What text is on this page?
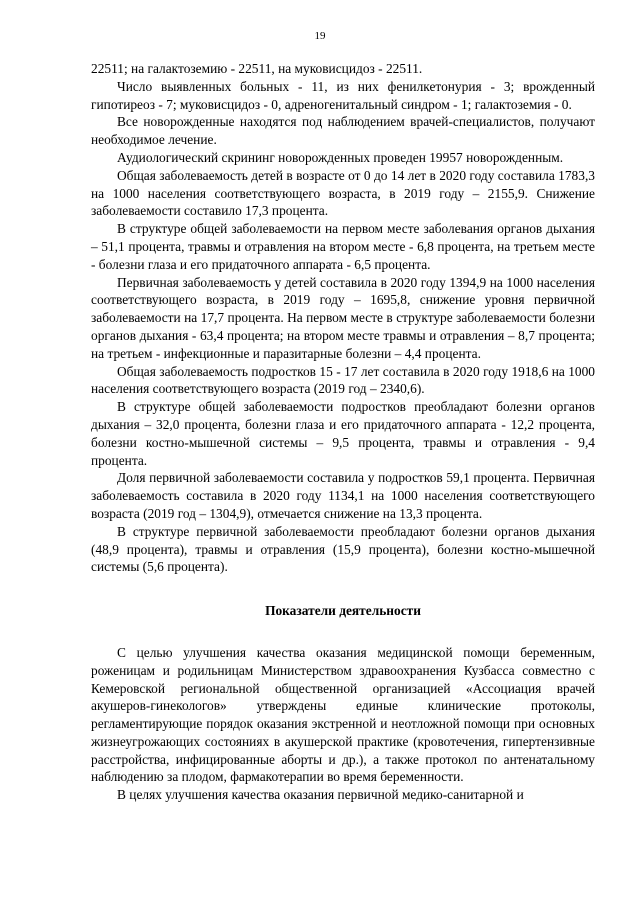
19

22511; на галактоземию - 22511, на муковисцидоз - 22511.

Число выявленных больных - 11, из них фенилкетонурия - 3; врожденный гипотиреоз - 7; муковисцидоз - 0, адреногенитальный синдром - 1; галактоземия - 0.

Все новорожденные находятся под наблюдением врачей-специалистов, получают необходимое лечение.

Аудиологический скрининг новорожденных проведен 19957 новорожденным.

Общая заболеваемость детей в возрасте от 0 до 14 лет в 2020 году составила 1783,3 на 1000 населения соответствующего возраста, в 2019 году – 2155,9. Снижение заболеваемости составило 17,3 процента.

В структуре общей заболеваемости на первом месте заболевания органов дыхания – 51,1 процента, травмы и отравления на втором месте - 6,8 процента, на третьем месте - болезни глаза и его придаточного аппарата - 6,5 процента.

Первичная заболеваемость у детей составила в 2020 году 1394,9 на 1000 населения соответствующего возраста, в 2019 году – 1695,8, снижение уровня первичной заболеваемости на 17,7 процента. На первом месте в структуре заболеваемости болезни органов дыхания - 63,4 процента; на втором месте травмы и отравления – 8,7 процента; на третьем - инфекционные и паразитарные болезни – 4,4 процента.

Общая заболеваемость подростков 15 - 17 лет составила в 2020 году 1918,6 на 1000 населения соответствующего возраста (2019 год – 2340,6).

В структуре общей заболеваемости подростков преобладают болезни органов дыхания – 32,0 процента, болезни глаза и его придаточного аппарата - 12,2 процента, болезни костно-мышечной системы – 9,5 процента, травмы и отравления - 9,4 процента.

Доля первичной заболеваемости составила у подростков 59,1 процента. Первичная заболеваемость составила в 2020 году 1134,1 на 1000 населения соответствующего возраста (2019 год – 1304,9), отмечается снижение на 13,3 процента.

В структуре первичной заболеваемости преобладают болезни органов дыхания (48,9 процента), травмы и отравления (15,9 процента), болезни костно-мышечной системы (5,6 процента).

Показатели деятельности

С целью улучшения качества оказания медицинской помощи беременным, роженицам и родильницам Министерством здравоохранения Кузбасса совместно с Кемеровской региональной общественной организацией «Ассоциация врачей акушеров-гинекологов» утверждены единые клинические протоколы, регламентирующие порядок оказания экстренной и неотложной помощи при основных жизнеугрожающих состояниях в акушерской практике (кровотечения, гипертензивные расстройства, инфицированные аборты и др.), а также протокол по антенатальному наблюдению за плодом, фармакотерапии во время беременности.

В целях улучшения качества оказания первичной медико-санитарной и
